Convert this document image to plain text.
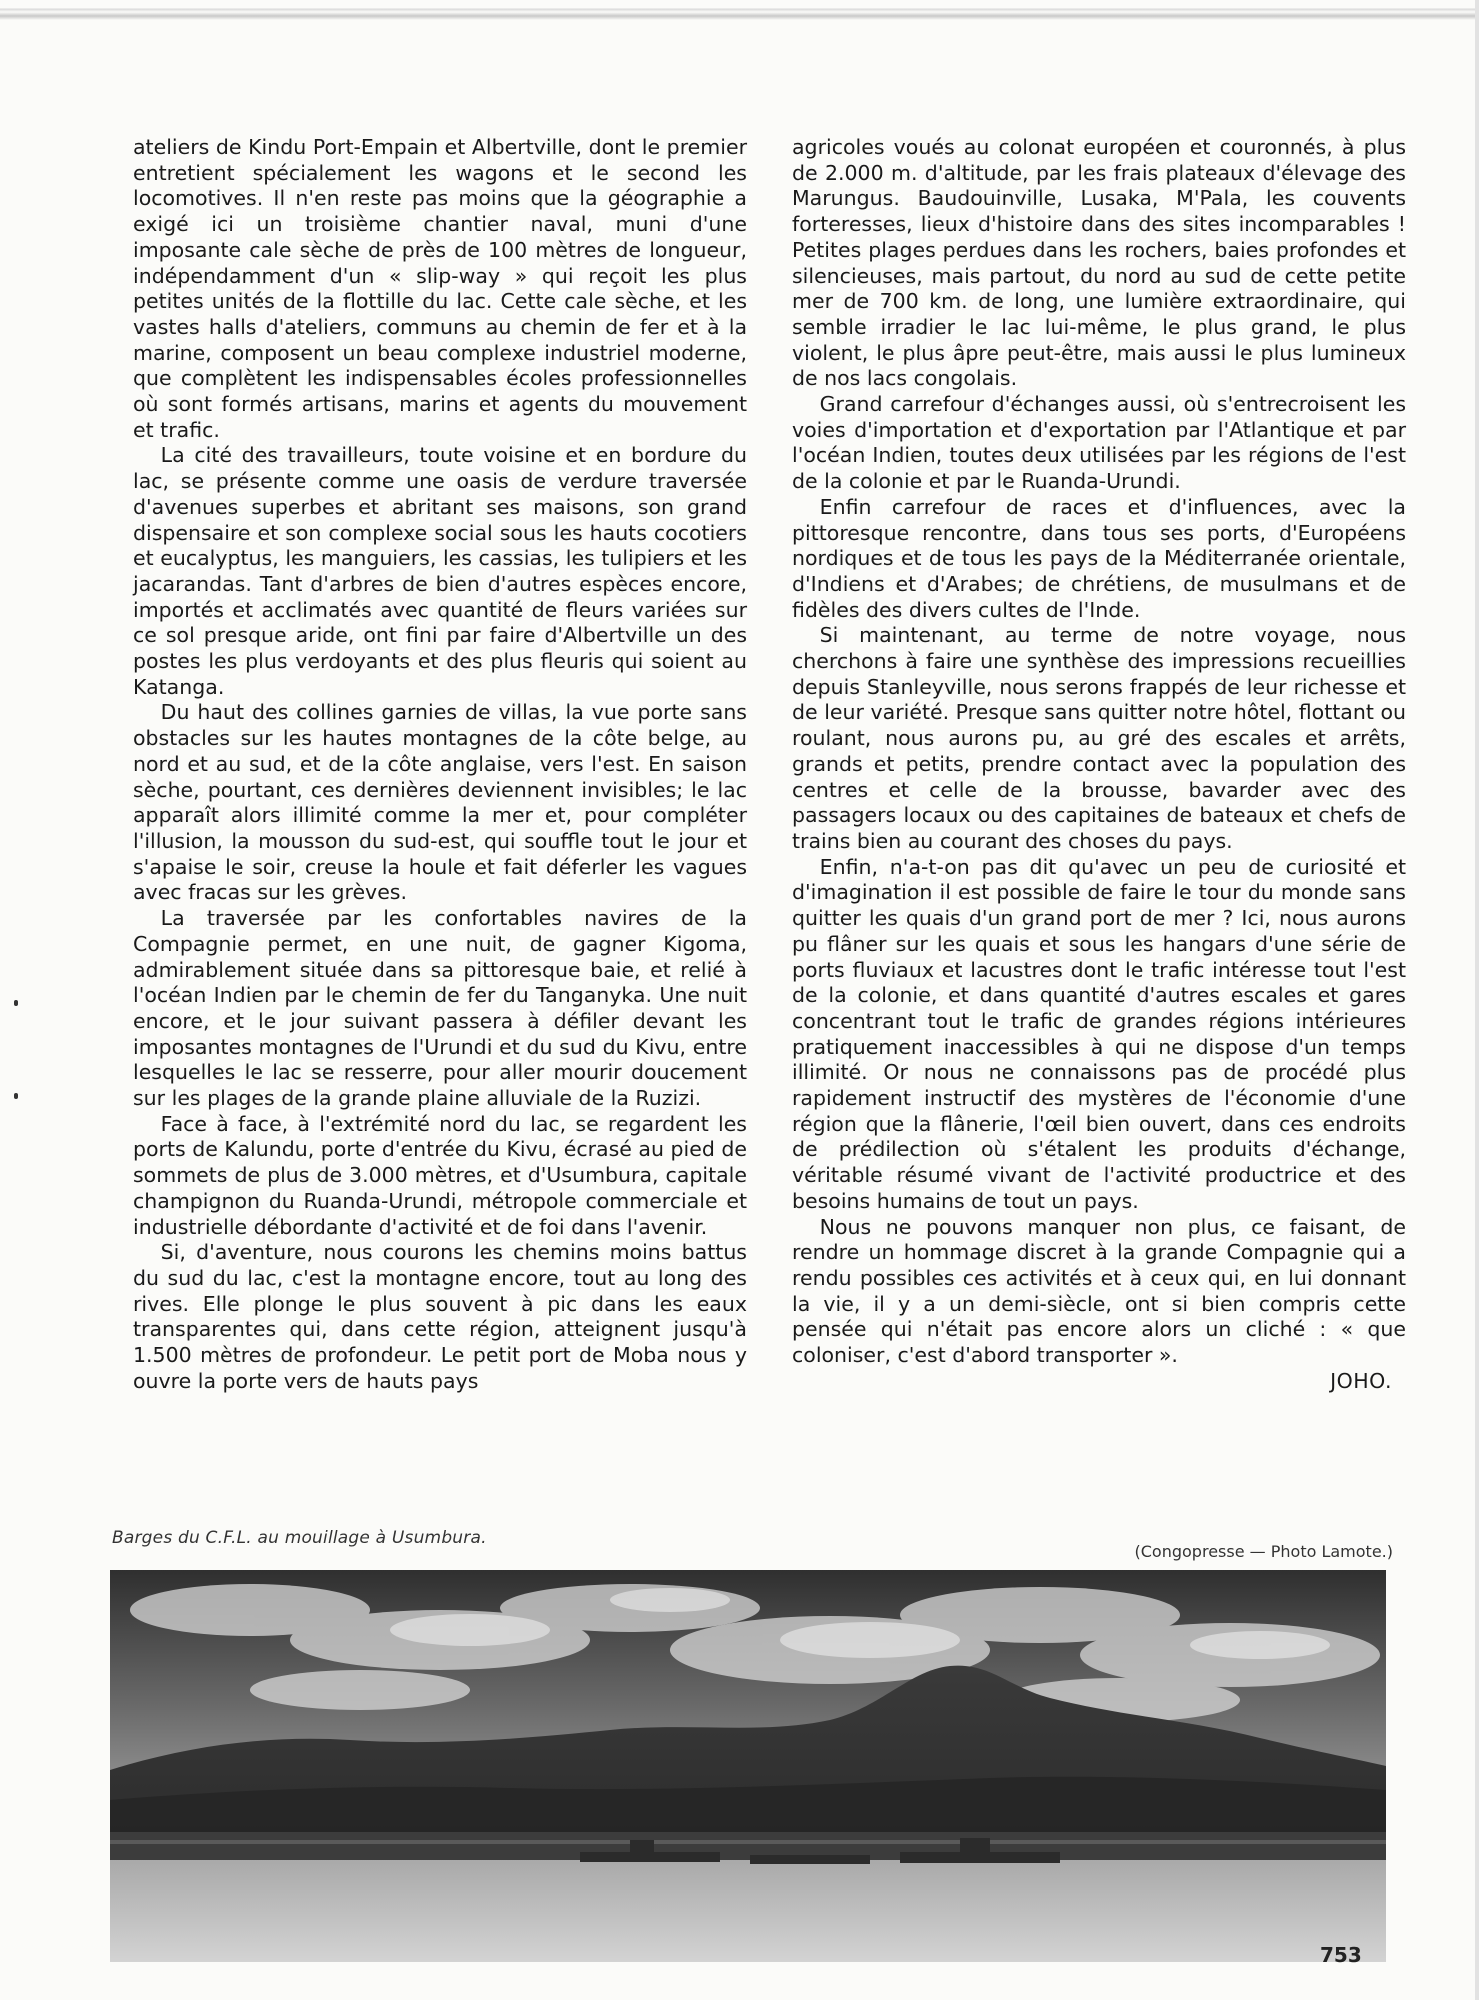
ateliers de Kindu Port-Empain et Albertville, dont le premier entretient spécialement les wagons et le second les locomotives. Il n'en reste pas moins que la géographie a exigé ici un troisième chantier naval, muni d'une imposante cale sèche de près de 100 mètres de longueur, indépendamment d'un « slip-way » qui reçoit les plus petites unités de la flottille du lac. Cette cale sèche, et les vastes halls d'ateliers, communs au chemin de fer et à la marine, composent un beau complexe industriel moderne, que complètent les indispensables écoles professionnelles où sont formés artisans, marins et agents du mouvement et trafic.

La cité des travailleurs, toute voisine et en bordure du lac, se présente comme une oasis de verdure traversée d'avenues superbes et abritant ses maisons, son grand dispensaire et son complexe social sous les hauts cocotiers et eucalyptus, les manguiers, les cassias, les tulipiers et les jacarandas. Tant d'arbres de bien d'autres espèces encore, importés et acclimatés avec quantité de fleurs variées sur ce sol presque aride, ont fini par faire d'Albertville un des postes les plus verdoyants et des plus fleuris qui soient au Katanga.

Du haut des collines garnies de villas, la vue porte sans obstacles sur les hautes montagnes de la côte belge, au nord et au sud, et de la côte anglaise, vers l'est. En saison sèche, pourtant, ces dernières deviennent invisibles; le lac apparaît alors illimité comme la mer et, pour compléter l'illusion, la mousson du sud-est, qui souffle tout le jour et s'apaise le soir, creuse la houle et fait déferler les vagues avec fracas sur les grèves.

La traversée par les confortables navires de la Compagnie permet, en une nuit, de gagner Kigoma, admirablement située dans sa pittoresque baie, et relié à l'océan Indien par le chemin de fer du Tanganyka. Une nuit encore, et le jour suivant passera à défiler devant les imposantes montagnes de l'Urundi et du sud du Kivu, entre lesquelles le lac se resserre, pour aller mourir doucement sur les plages de la grande plaine alluviale de la Ruzizi.

Face à face, à l'extrémité nord du lac, se regardent les ports de Kalundu, porte d'entrée du Kivu, écrasé au pied de sommets de plus de 3.000 mètres, et d'Usumbura, capitale champignon du Ruanda-Urundi, métropole commerciale et industrielle débordante d'activité et de foi dans l'avenir.

Si, d'aventure, nous courons les chemins moins battus du sud du lac, c'est la montagne encore, tout au long des rives. Elle plonge le plus souvent à pic dans les eaux transparentes qui, dans cette région, atteignent jusqu'à 1.500 mètres de profondeur. Le petit port de Moba nous y ouvre la porte vers de hauts pays

agricoles voués au colonat européen et couronnés, à plus de 2.000 m. d'altitude, par les frais plateaux d'élevage des Marungus. Baudouinville, Lusaka, M'Pala, les couvents forteresses, lieux d'histoire dans des sites incomparables ! Petites plages perdues dans les rochers, baies profondes et silencieuses, mais partout, du nord au sud de cette petite mer de 700 km. de long, une lumière extraordinaire, qui semble irradier le lac lui-même, le plus grand, le plus violent, le plus âpre peut-être, mais aussi le plus lumineux de nos lacs congolais.

Grand carrefour d'échanges aussi, où s'entrecroisent les voies d'importation et d'exportation par l'Atlantique et par l'océan Indien, toutes deux utilisées par les régions de l'est de la colonie et par le Ruanda-Urundi.

Enfin carrefour de races et d'influences, avec la pittoresque rencontre, dans tous ses ports, d'Européens nordiques et de tous les pays de la Méditerranée orientale, d'Indiens et d'Arabes; de chrétiens, de musulmans et de fidèles des divers cultes de l'Inde.

Si maintenant, au terme de notre voyage, nous cherchons à faire une synthèse des impressions recueillies depuis Stanleyville, nous serons frappés de leur richesse et de leur variété. Presque sans quitter notre hôtel, flottant ou roulant, nous aurons pu, au gré des escales et arrêts, grands et petits, prendre contact avec la population des centres et celle de la brousse, bavarder avec des passagers locaux ou des capitaines de bateaux et chefs de trains bien au courant des choses du pays.

Enfin, n'a-t-on pas dit qu'avec un peu de curiosité et d'imagination il est possible de faire le tour du monde sans quitter les quais d'un grand port de mer ? Ici, nous aurons pu flâner sur les quais et sous les hangars d'une série de ports fluviaux et lacustres dont le trafic intéresse tout l'est de la colonie, et dans quantité d'autres escales et gares concentrant tout le trafic de grandes régions intérieures pratiquement inaccessibles à qui ne dispose d'un temps illimité. Or nous ne connaissons pas de procédé plus rapidement instructif des mystères de l'économie d'une région que la flânerie, l'œil bien ouvert, dans ces endroits de prédilection où s'étalent les produits d'échange, véritable résumé vivant de l'activité productrice et des besoins humains de tout un pays.

Nous ne pouvons manquer non plus, ce faisant, de rendre un hommage discret à la grande Compagnie qui a rendu possibles ces activités et à ceux qui, en lui donnant la vie, il y a un demi-siècle, ont si bien compris cette pensée qui n'était pas encore alors un cliché : « que coloniser, c'est d'abord transporter ».

JOHO.
Barges du C.F.L. au mouillage à Usumbura.
(Congopresse — Photo Lamote.)
753
